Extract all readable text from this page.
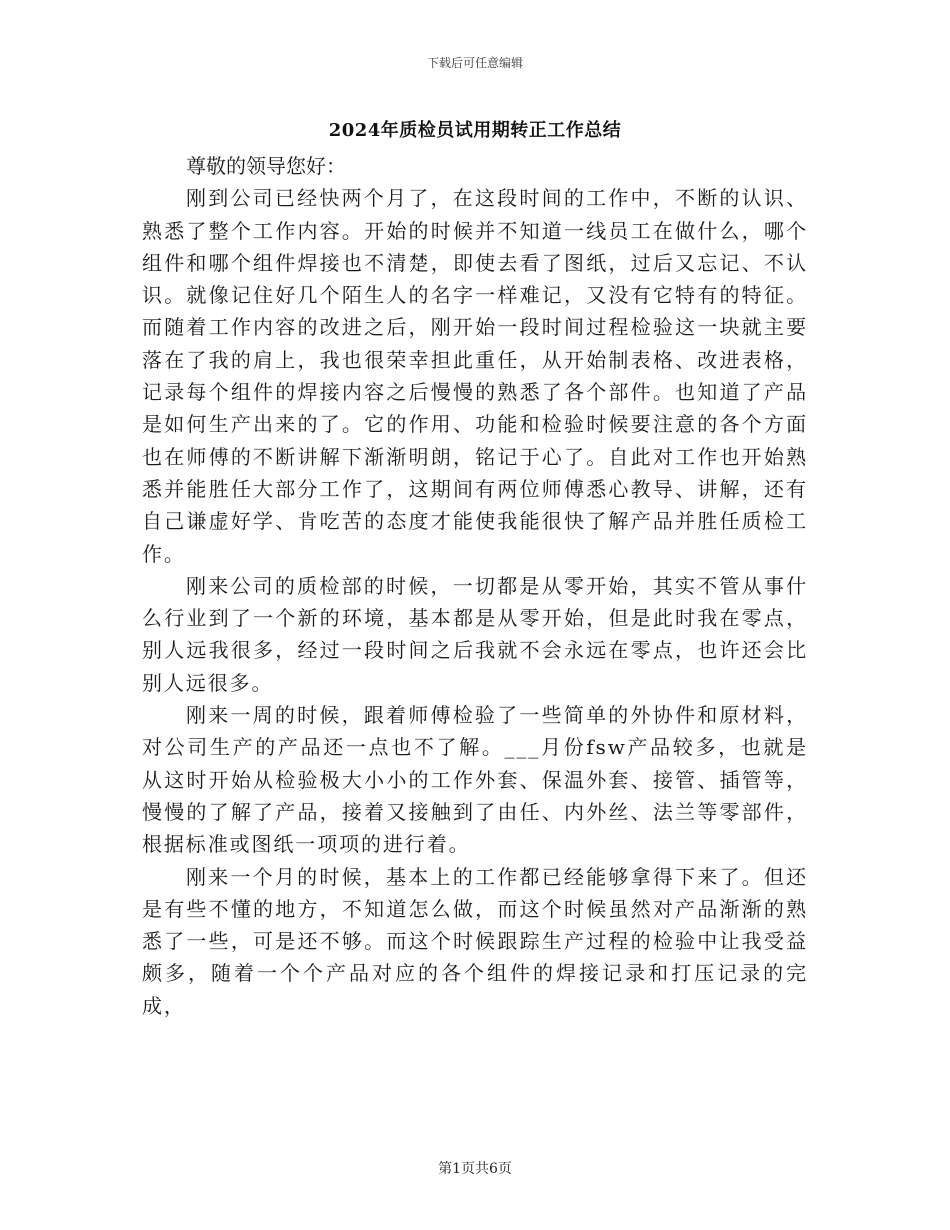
下载后可任意编辑
2024年质检员试用期转正工作总结

尊敬的领导您好：

刚到公司已经快两个月了，在这段时间的工作中，不断的认识、熟悉了整个工作内容。开始的时候并不知道一线员工在做什么，哪个组件和哪个组件焊接也不清楚，即使去看了图纸，过后又忘记、不认识。就像记住好几个陌生人的名字一样难记，又没有它特有的特征。而随着工作内容的改进之后，刚开始一段时间过程检验这一块就主要落在了我的肩上，我也很荣幸担此重任，从开始制表格、改进表格，记录每个组件的焊接内容之后慢慢的熟悉了各个部件。也知道了产品是如何生产出来的了。它的作用、功能和检验时候要注意的各个方面也在师傅的不断讲解下渐渐明朗，铭记于心了。自此对工作也开始熟悉并能胜任大部分工作了，这期间有两位师傅悉心教导、讲解，还有自己谦虚好学、肯吃苦的态度才能使我能很快了解产品并胜任质检工作。

刚来公司的质检部的时候，一切都是从零开始，其实不管从事什么行业到了一个新的环境，基本都是从零开始，但是此时我在零点，别人远我很多，经过一段时间之后我就不会永远在零点，也许还会比别人远很多。

刚来一周的时候，跟着师傅检验了一些简单的外协件和原材料，对公司生产的产品还一点也不了解。___月份fsw产品较多，也就是从这时开始从检验极大小小的工作外套、保温外套、接管、插管等，慢慢的了解了产品，接着又接触到了由任、内外丝、法兰等零部件，根据标准或图纸一项项的进行着。

刚来一个月的时候，基本上的工作都已经能够拿得下来了。但还是有些不懂的地方，不知道怎么做，而这个时候虽然对产品渐渐的熟悉了一些，可是还不够。而这个时候跟踪生产过程的检验中让我受益颇多，随着一个个产品对应的各个组件的焊接记录和打压记录的完成，

第1页共6页
